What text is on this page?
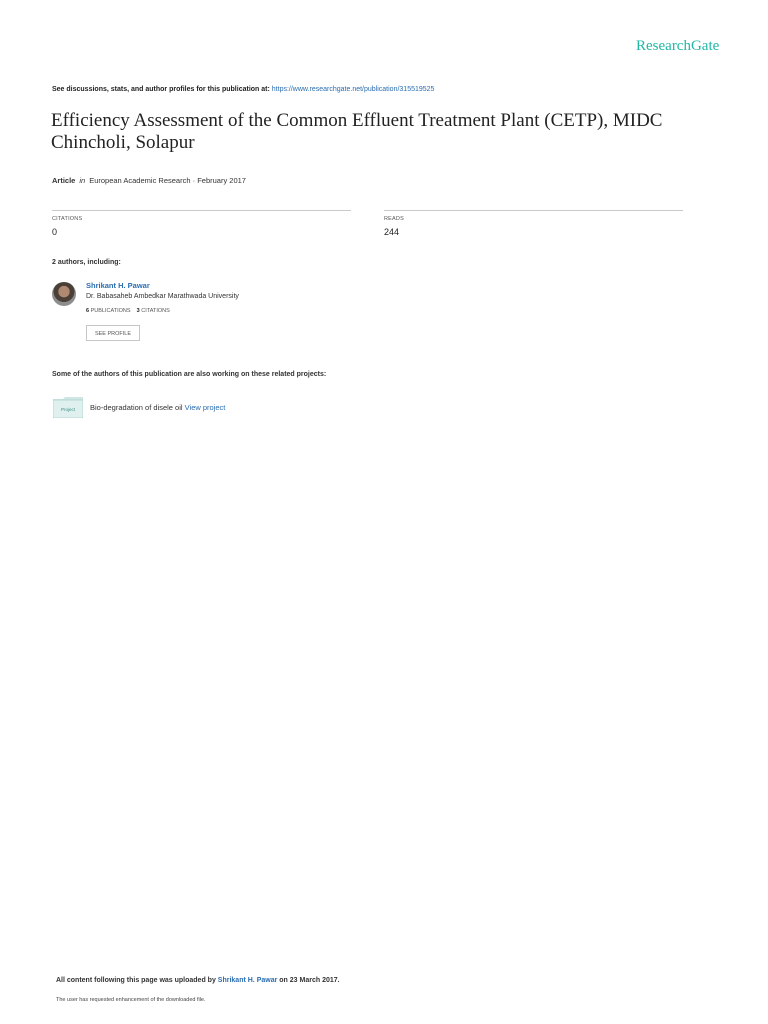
ResearchGate
See discussions, stats, and author profiles for this publication at: https://www.researchgate.net/publication/315519525
Efficiency Assessment of the Common Effluent Treatment Plant (CETP), MIDC Chincholi, Solapur
Article in European Academic Research · February 2017
CITATIONS
0
READS
244
2 authors, including:
Shrikant H. Pawar
Dr. Babasaheb Ambedkar Marathwada University
6 PUBLICATIONS 3 CITATIONS
SEE PROFILE
Some of the authors of this publication are also working on these related projects:
Project Bio-degradation of disele oil View project
All content following this page was uploaded by Shrikant H. Pawar on 23 March 2017.
The user has requested enhancement of the downloaded file.
